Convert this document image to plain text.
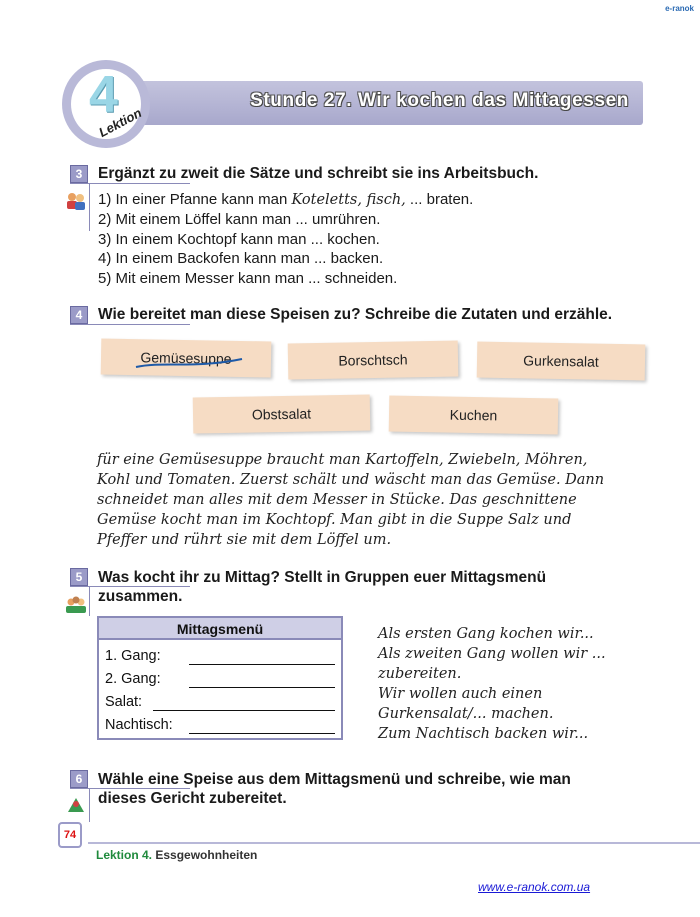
e-ranok
Stunde 27. Wir kochen das Mittagessen
4
Lektion
3	Ergänzt zu zweit die Sätze und schreibt sie ins Arbeitsbuch.
1) In einer Pfanne kann man Koteletts, fisch, ... braten.
2) Mit einem Löffel kann man ... umrühren.
3) In einem Kochtopf kann man ... kochen.
4) In einem Backofen kann man ... backen.
5) Mit einem Messer kann man ... schneiden.
4	Wie bereitet man diese Speisen zu? Schreibe die Zutaten und erzähle.
Gemüsesuppe	Borschtsch	Gurkensalat
Obstsalat	Kuchen
für eine Gemüsesuppe braucht man Kartoffeln, Zwiebeln, Möhren,
Kohl und Tomaten. Zuerst schält und wäscht man das Gemüse. Dann
schneidet man alles mit dem Messer in Stücke. Das geschnittene
Gemüse kocht man im Kochtopf. Man gibt in die Suppe Salz und
Pfeffer und rührt sie mit dem Löffel um.
5	Was kocht ihr zu Mittag? Stellt in Gruppen euer Mittagsmenü
zusammen.
Mittagsmenü
1. Gang:
2. Gang:
Salat:
Nachtisch:
Als ersten Gang kochen wir...
Als zweiten Gang wollen wir ...
zubereiten.
Wir wollen auch einen
Gurkensalat/... machen.
Zum Nachtisch backen wir...
6	Wähle eine Speise aus dem Mittagsmenü und schreibe, wie man
dieses Gericht zubereitet.
74
Lektion 4. Essgewohnheiten
www.e-ranok.com.ua
